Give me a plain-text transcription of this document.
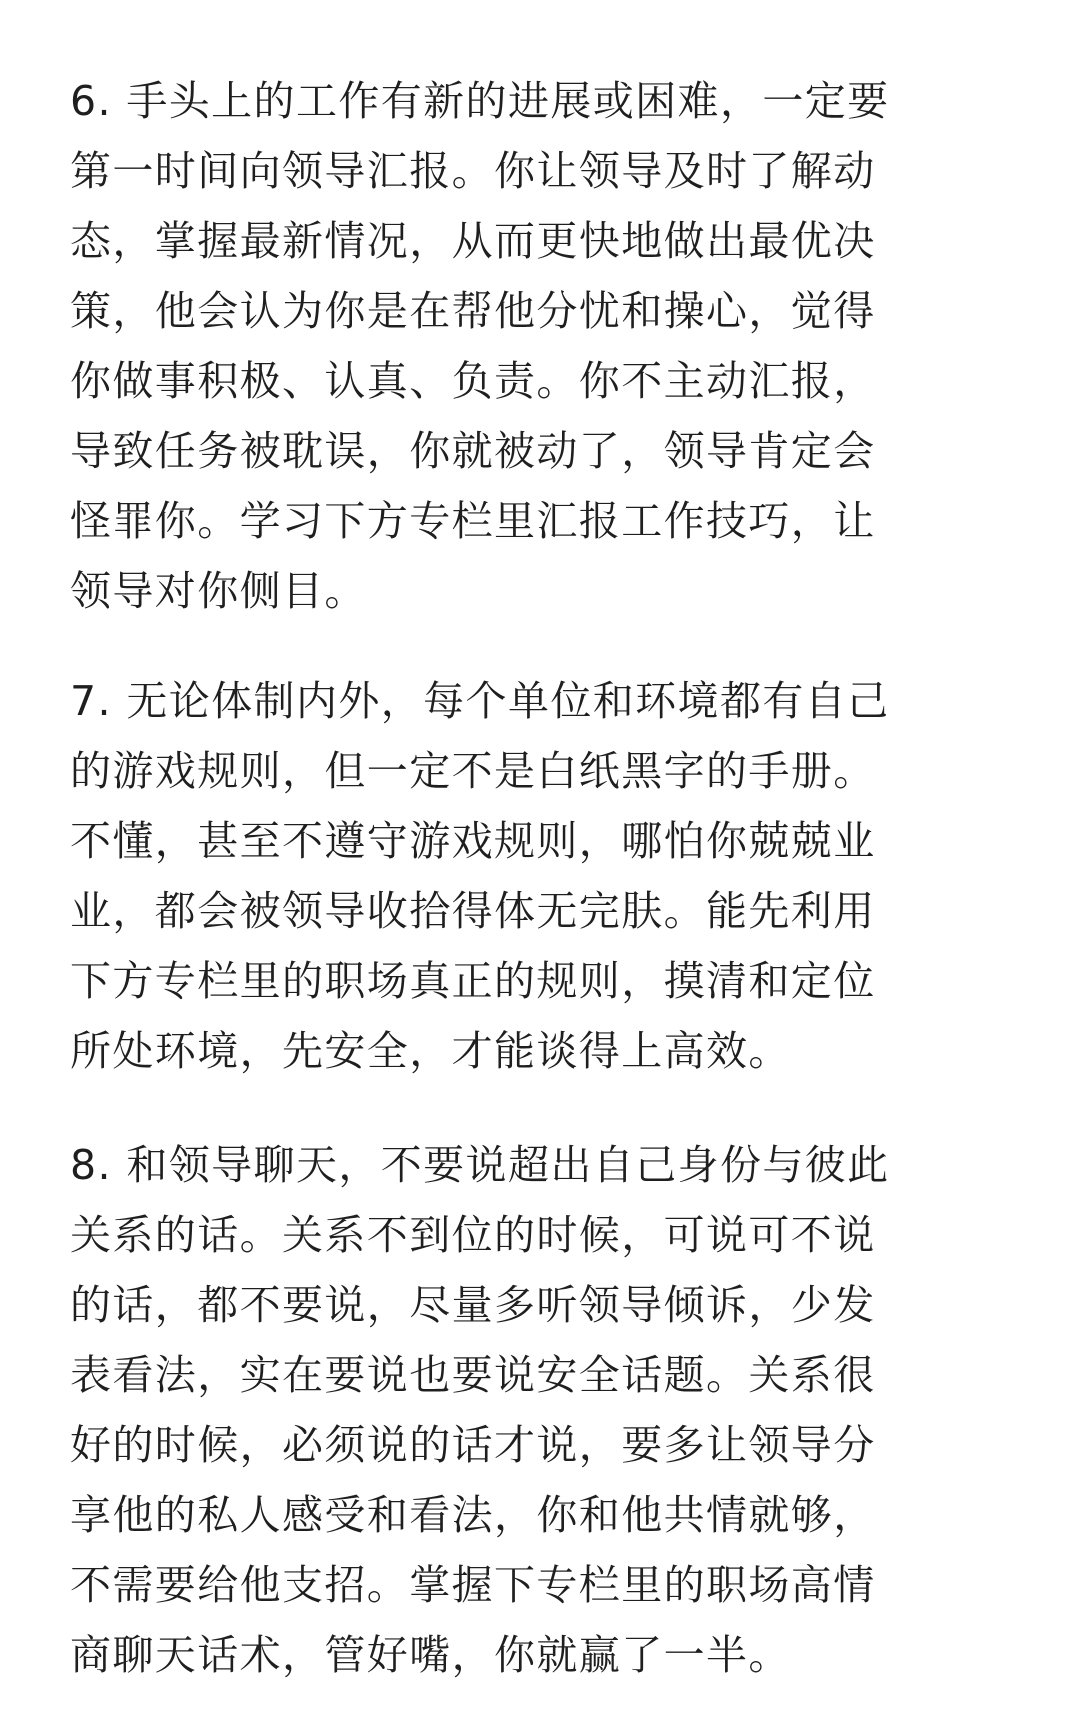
6. 手头上的工作有新的进展或困难，一定要
第一时间向领导汇报。你让领导及时了解动
态，掌握最新情况，从而更快地做出最优决
策，他会认为你是在帮他分忧和操心，觉得
你做事积极、认真、负责。你不主动汇报，
导致任务被耽误，你就被动了，领导肯定会
怪罪你。学习下方专栏里汇报工作技巧，让
领导对你侧目。

7. 无论体制内外，每个单位和环境都有自己
的游戏规则，但一定不是白纸黑字的手册。
不懂，甚至不遵守游戏规则，哪怕你兢兢业
业，都会被领导收拾得体无完肤。能先利用
下方专栏里的职场真正的规则，摸清和定位
所处环境，先安全，才能谈得上高效。

8. 和领导聊天，不要说超出自己身份与彼此
关系的话。关系不到位的时候，可说可不说
的话，都不要说，尽量多听领导倾诉，少发
表看法，实在要说也要说安全话题。关系很
好的时候，必须说的话才说，要多让领导分
享他的私人感受和看法，你和他共情就够，
不需要给他支招。掌握下专栏里的职场高情
商聊天话术，管好嘴，你就赢了一半。
